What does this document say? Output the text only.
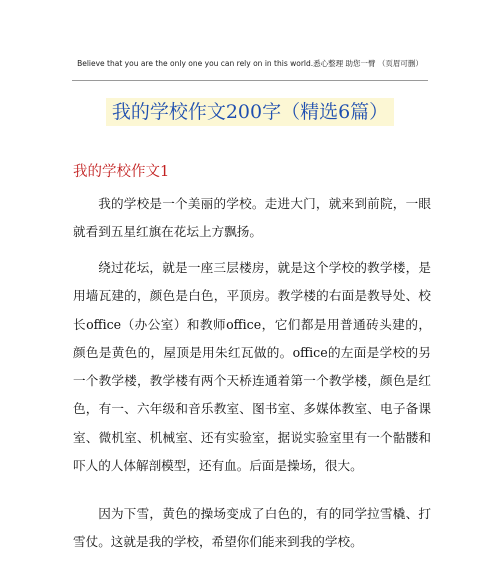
Believe that you are the only one you can rely on in this world.悉心整理 助您一臂 （页眉可删）
我的学校作文200字（精选6篇）
我的学校作文1

我的学校是一个美丽的学校。走进大门，就来到前院，一眼就看到五星红旗在花坛上方飘扬。

绕过花坛，就是一座三层楼房，就是这个学校的教学楼，是用墙瓦建的，颜色是白色，平顶房。教学楼的右面是教导处、校长office（办公室）和教师office，它们都是用普通砖头建的，颜色是黄色的，屋顶是用朱红瓦做的。office的左面是学校的另一个教学楼，教学楼有两个天桥连通着第一个教学楼，颜色是红色，有一、六年级和音乐教室、图书室、多媒体教室、电子备课室、微机室、机械室、还有实验室，据说实验室里有一个骷髅和吓人的人体解剖模型，还有血。后面是操场，很大。

因为下雪，黄色的操场变成了白色的，有的同学拉雪橇、打雪仗。这就是我的学校，希望你们能来到我的学校。
